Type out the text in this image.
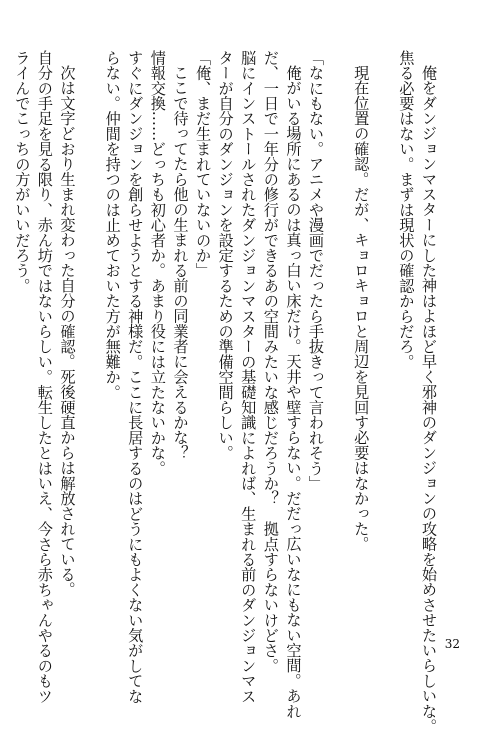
俺をダンジョンマスターにした神はよほど早く邪神のダンジョンの攻略を始めさせたいらしいな。
焦る必要はない。まずは現状の確認からだろ。
現在位置の確認。だが、キョロキョロと周辺を見回す必要はなかった。
「なにもない。アニメや漫画でだったら手抜きって言われそう」
俺がいる場所にあるのは真っ白い床だけ。天井や壁すらない。だだっ広いなにもない空間。あれ
だ、一日で一年分の修行ができるあの空間みたいな感じだろうか？　拠点すらないけどさ。
脳にインストールされたダンジョンマスターの基礎知識によれば、生まれる前のダンジョンマス
ターが自分のダンジョンを設定するための準備空間らしい。
「俺、まだ生まれていないのか」
ここで待ってたら他の生まれる前の同業者に会えるかな？
情報交換……どっちも初心者か。あまり役には立たないかな。
すぐにダンジョンを創らせようとする神様だ。ここに長居するのはどうにもよくない気がしてな
らない。仲間を持つのは止めておいた方が無難か。
次は文字どおり生まれ変わった自分の確認。死後硬直からは解放されている。
自分の手足を見る限り、赤ん坊ではないらしい。転生したとはいえ、今さら赤ちゃんやるのもツ
ライんでこっちの方がいいだろう。
32
